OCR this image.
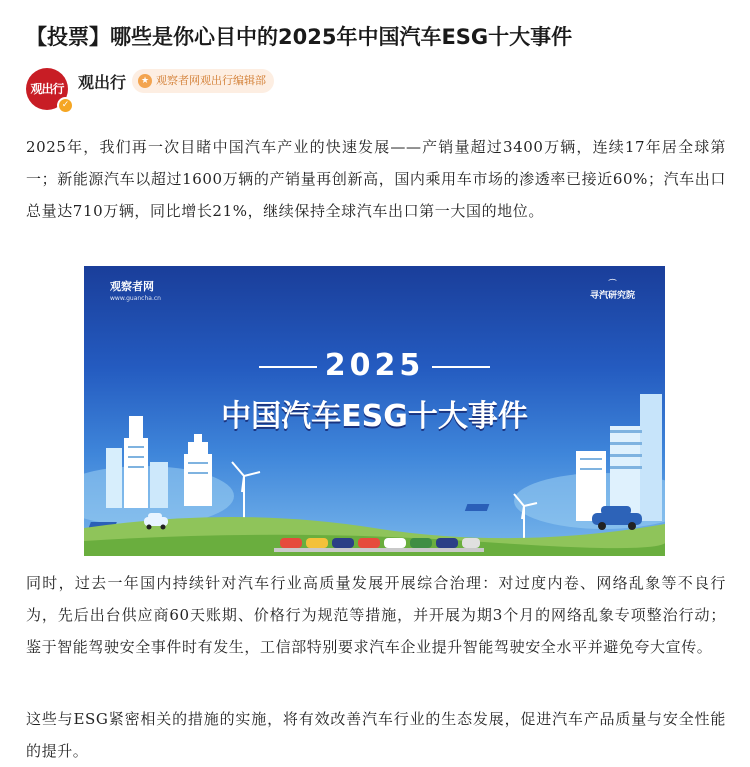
【投票】哪些是你心目中的2025年中国汽车ESG十大事件
观出行
✓
观出行	★ 观察者网观出行编辑部
2025年，我们再一次目睹中国汽车产业的快速发展——产销量超过3400万辆，连续17年居全球第一；新能源汽车以超过1600万辆的产销量再创新高，国内乘用车市场的渗透率已接近60%；汽车出口总量达710万辆，同比增长21%，继续保持全球汽车出口第一大国的地位。
观察者网
www.guancha.cn
⌒
寻汽研究院
2025
中国汽车ESG十大事件
同时，过去一年国内持续针对汽车行业高质量发展开展综合治理：对过度内卷、网络乱象等不良行为，先后出台供应商60天账期、价格行为规范等措施，并开展为期3个月的网络乱象专项整治行动；鉴于智能驾驶安全事件时有发生，工信部特别要求汽车企业提升智能驾驶安全水平并避免夸大宣传。
这些与ESG紧密相关的措施的实施，将有效改善汽车行业的生态发展，促进汽车产品质量与安全性能的提升。
